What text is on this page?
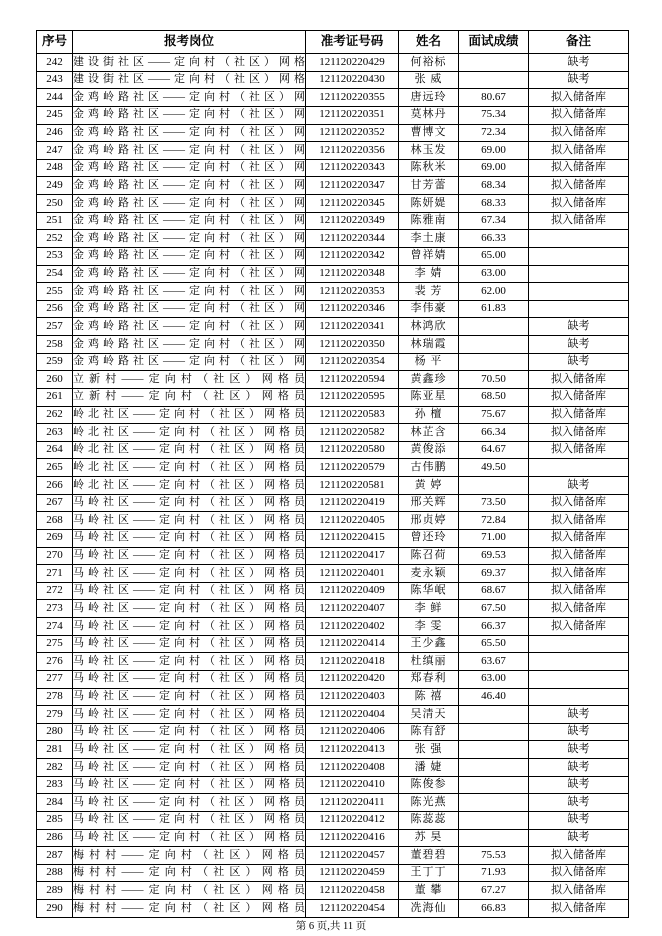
序号	报考岗位	准考证号码	姓名	面试成绩	备注
242	建设街社区——定向村（社区）网格	121120220429	何裕标		缺考
243	建设街社区——定向村（社区）网格	121120220430	张 威		缺考
244	金鸡岭路社区——定向村（社区）网	121120220355	唐远玲	80.67	拟入储备库
245	金鸡岭路社区——定向村（社区）网	121120220351	莫林丹	75.34	拟入储备库
246	金鸡岭路社区——定向村（社区）网	121120220352	曹博文	72.34	拟入储备库
247	金鸡岭路社区——定向村（社区）网	121120220356	林玉发	69.00	拟入储备库
248	金鸡岭路社区——定向村（社区）网	121120220343	陈秋米	69.00	拟入储备库
249	金鸡岭路社区——定向村（社区）网	121120220347	甘芳蕾	68.34	拟入储备库
250	金鸡岭路社区——定向村（社区）网	121120220345	陈妍媞	68.33	拟入储备库
251	金鸡岭路社区——定向村（社区）网	121120220349	陈雅南	67.34	拟入储备库
252	金鸡岭路社区——定向村（社区）网	121120220344	李土康	66.33	
253	金鸡岭路社区——定向村（社区）网	121120220342	曾祥婧	65.00	
254	金鸡岭路社区——定向村（社区）网	121120220348	李 婧	63.00	
255	金鸡岭路社区——定向村（社区）网	121120220353	裴 芳	62.00	
256	金鸡岭路社区——定向村（社区）网	121120220346	李伟豪	61.83	
257	金鸡岭路社区——定向村（社区）网	121120220341	林鸿欣		缺考
258	金鸡岭路社区——定向村（社区）网	121120220350	林瑞霞		缺考
259	金鸡岭路社区——定向村（社区）网	121120220354	杨 平		缺考
260	立新村——定向村（社区）网格员	121120220594	黄鑫珍	70.50	拟入储备库
261	立新村——定向村（社区）网格员	121120220595	陈亚星	68.50	拟入储备库
262	岭北社区——定向村（社区）网格员	121120220583	孙 檀	75.67	拟入储备库
263	岭北社区——定向村（社区）网格员	121120220582	林芷含	66.34	拟入储备库
264	岭北社区——定向村（社区）网格员	121120220580	黄俊添	64.67	拟入储备库
265	岭北社区——定向村（社区）网格员	121120220579	古伟鹏	49.50	
266	岭北社区——定向村（社区）网格员	121120220581	黄 婷		缺考
267	马岭社区——定向村（社区）网格员	121120220419	邢关辉	73.50	拟入储备库
268	马岭社区——定向村（社区）网格员	121120220405	邢贞婷	72.84	拟入储备库
269	马岭社区——定向村（社区）网格员	121120220415	曾还玲	71.00	拟入储备库
270	马岭社区——定向村（社区）网格员	121120220417	陈召荷	69.53	拟入储备库
271	马岭社区——定向村（社区）网格员	121120220401	麦永颖	69.37	拟入储备库
272	马岭社区——定向村（社区）网格员	121120220409	陈华岷	68.67	拟入储备库
273	马岭社区——定向村（社区）网格员	121120220407	李 鲜	67.50	拟入储备库
274	马岭社区——定向村（社区）网格员	121120220402	李 雯	66.37	拟入储备库
275	马岭社区——定向村（社区）网格员	121120220414	王少鑫	65.50	
276	马岭社区——定向村（社区）网格员	121120220418	杜缜丽	63.67	
277	马岭社区——定向村（社区）网格员	121120220420	郑春利	63.00	
278	马岭社区——定向村（社区）网格员	121120220403	陈 禧	46.40	
279	马岭社区——定向村（社区）网格员	121120220404	吴清天		缺考
280	马岭社区——定向村（社区）网格员	121120220406	陈有舒		缺考
281	马岭社区——定向村（社区）网格员	121120220413	张 强		缺考
282	马岭社区——定向村（社区）网格员	121120220408	潘 婕		缺考
283	马岭社区——定向村（社区）网格员	121120220410	陈俊参		缺考
284	马岭社区——定向村（社区）网格员	121120220411	陈光燕		缺考
285	马岭社区——定向村（社区）网格员	121120220412	陈蕊蕊		缺考
286	马岭社区——定向村（社区）网格员	121120220416	苏 昊		缺考
287	梅村村——定向村（社区）网格员	121120220457	董碧碧	75.53	拟入储备库
288	梅村村——定向村（社区）网格员	121120220459	王丁丁	71.93	拟入储备库
289	梅村村——定向村（社区）网格员	121120220458	董 攀	67.27	拟入储备库
290	梅村村——定向村（社区）网格员	121120220454	冼海仙	66.83	拟入储备库
第 6 页,共 11 页
